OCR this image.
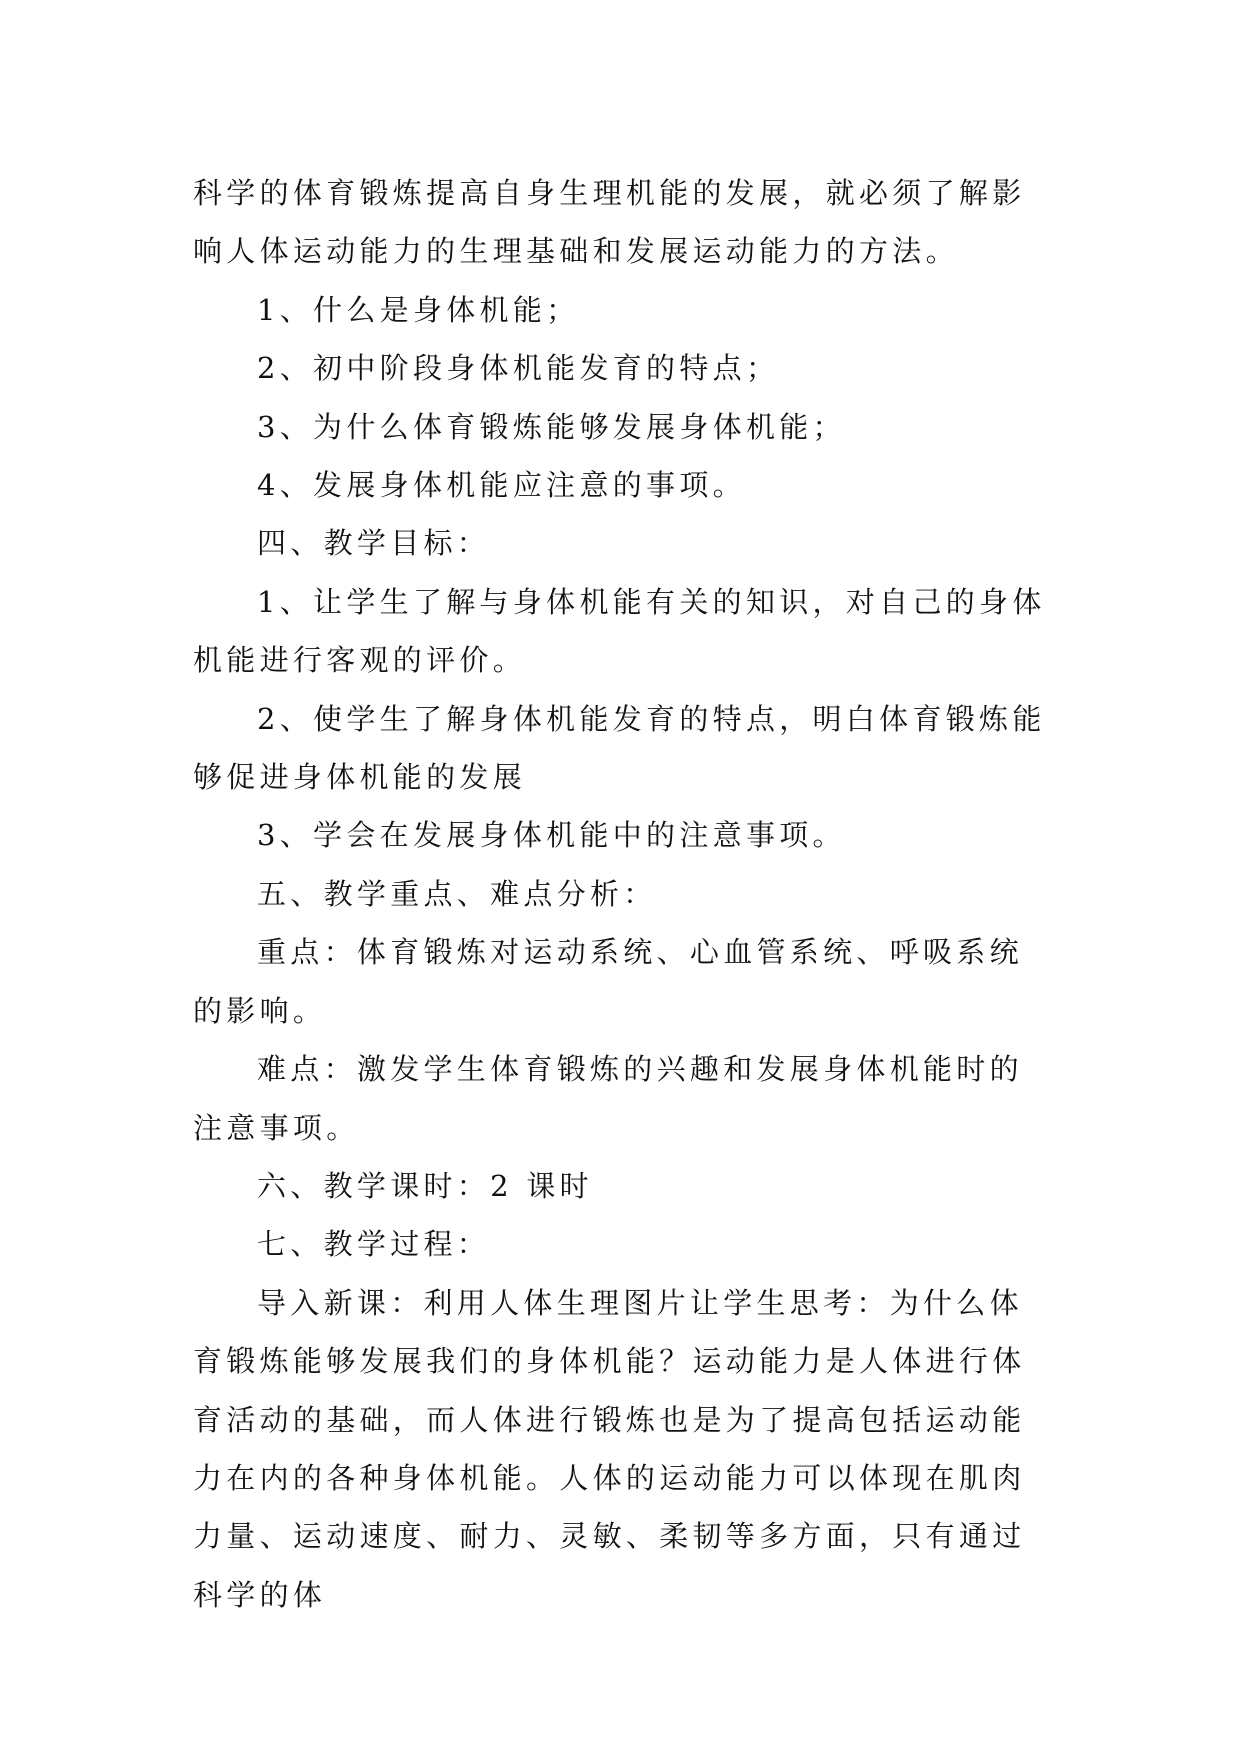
科学的体育锻炼提高自身生理机能的发展，就必须了解影响人体运动能力的生理基础和发展运动能力的方法。

1、什么是身体机能；

2、初中阶段身体机能发育的特点；

3、为什么体育锻炼能够发展身体机能；

4、发展身体机能应注意的事项。

四、教学目标：

1、让学生了解与身体机能有关的知识，对自己的身体机能进行客观的评价。

2、使学生了解身体机能发育的特点，明白体育锻炼能够促进身体机能的发展

3、学会在发展身体机能中的注意事项。

五、教学重点、难点分析：

重点：体育锻炼对运动系统、心血管系统、呼吸系统的影响。

难点：激发学生体育锻炼的兴趣和发展身体机能时的注意事项。

六、教学课时：2 课时

七、教学过程：

导入新课：利用人体生理图片让学生思考：为什么体育锻炼能够发展我们的身体机能？运动能力是人体进行体育活动的基础，而人体进行锻炼也是为了提高包括运动能力在内的各种身体机能。人体的运动能力可以体现在肌肉力量、运动速度、耐力、灵敏、柔韧等多方面，只有通过科学的体
